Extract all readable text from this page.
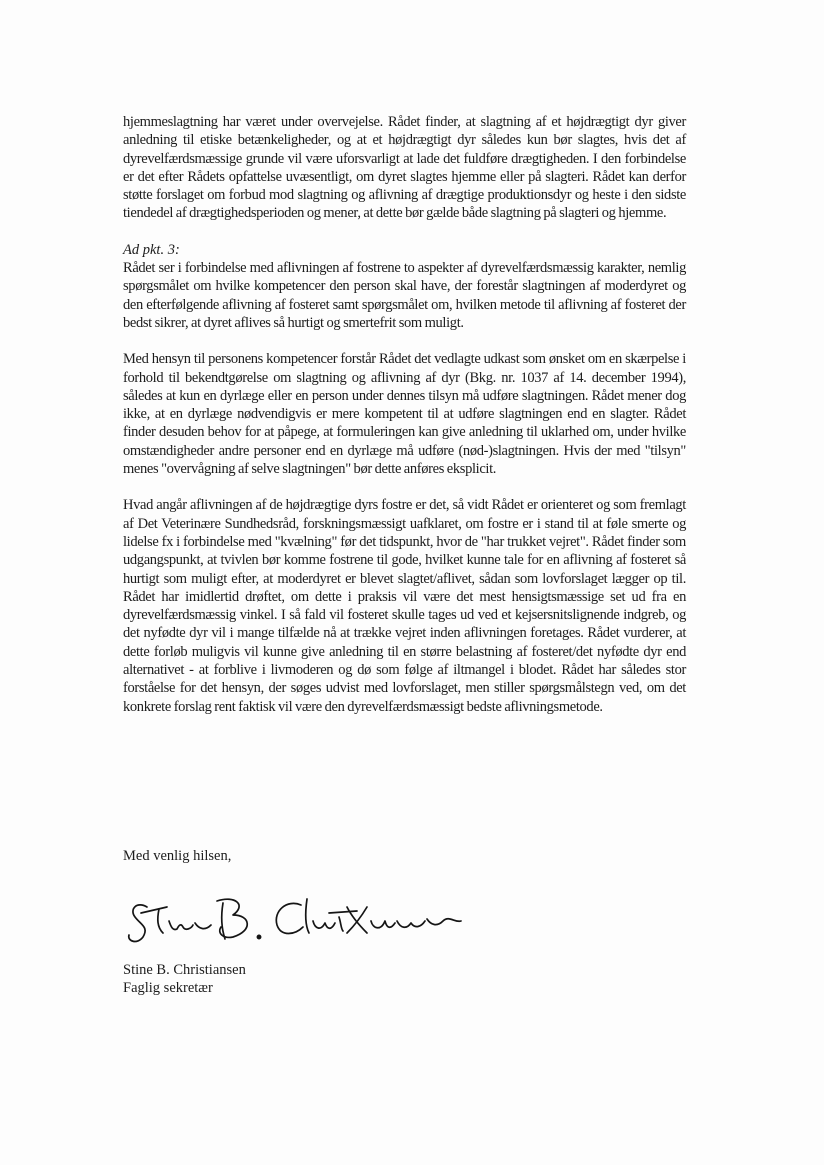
hjemmeslagtning har været under overvejelse. Rådet finder, at slagtning af et højdrægtigt dyr giver anledning til etiske betænkeligheder, og at et højdrægtigt dyr således kun bør slagtes, hvis det af dyrevelfærdsmæssige grunde vil være uforsvarligt at lade det fuldføre drægtigheden. I den forbindelse er det efter Rådets opfattelse uvæsentligt, om dyret slagtes hjemme eller på slagteri. Rådet kan derfor støtte forslaget om forbud mod slagtning og aflivning af drægtige produktionsdyr og heste i den sidste tiendedel af drægtighedsperioden og mener, at dette bør gælde både slagtning på slagteri og hjemme.

Ad pkt. 3:

Rådet ser i forbindelse med aflivningen af fostrene to aspekter af dyrevelfærdsmæssig karakter, nemlig spørgsmålet om hvilke kompetencer den person skal have, der forestår slagtningen af moderdyret og den efterfølgende aflivning af fosteret samt spørgsmålet om, hvilken metode til aflivning af fosteret der bedst sikrer, at dyret aflives så hurtigt og smertefrit som muligt.

Med hensyn til personens kompetencer forstår Rådet det vedlagte udkast som ønsket om en skærpelse i forhold til bekendtgørelse om slagtning og aflivning af dyr (Bkg. nr. 1037 af 14. december 1994), således at kun en dyrlæge eller en person under dennes tilsyn må udføre slagtningen. Rådet mener dog ikke, at en dyrlæge nødvendigvis er mere kompetent til at udføre slagtningen end en slagter. Rådet finder desuden behov for at påpege, at formuleringen kan give anledning til uklarhed om, under hvilke omstændigheder andre personer end en dyrlæge må udføre (nød-)slagtningen. Hvis der med "tilsyn" menes "overvågning af selve slagtningen" bør dette anføres eksplicit.

Hvad angår aflivningen af de højdrægtige dyrs fostre er det, så vidt Rådet er orienteret og som fremlagt af Det Veterinære Sundhedsråd, forskningsmæssigt uafklaret, om fostre er i stand til at føle smerte og lidelse fx i forbindelse med "kvælning" før det tidspunkt, hvor de "har trukket vejret". Rådet finder som udgangspunkt, at tvivlen bør komme fostrene til gode, hvilket kunne tale for en aflivning af fosteret så hurtigt som muligt efter, at moderdyret er blevet slagtet/aflivet, sådan som lovforslaget lægger op til. Rådet har imidlertid drøftet, om dette i praksis vil være det mest hensigtsmæssige set ud fra en dyrevelfærdsmæssig vinkel. I så fald vil fosteret skulle tages ud ved et kejsersnitslignende indgreb, og det nyfødte dyr vil i mange tilfælde nå at trække vejret inden aflivningen foretages. Rådet vurderer, at dette forløb muligvis vil kunne give anledning til en større belastning af fosteret/det nyfødte dyr end alternativet - at forblive i livmoderen og dø som følge af iltmangel i blodet. Rådet har således stor forståelse for det hensyn, der søges udvist med lovforslaget, men stiller spørgsmålstegn ved, om det konkrete forslag rent faktisk vil være den dyrevelfærdsmæssigt bedste aflivningsmetode.

Med venlig hilsen,

Stine B. Christiansen
Stine B. Christiansen
Faglig sekretær
